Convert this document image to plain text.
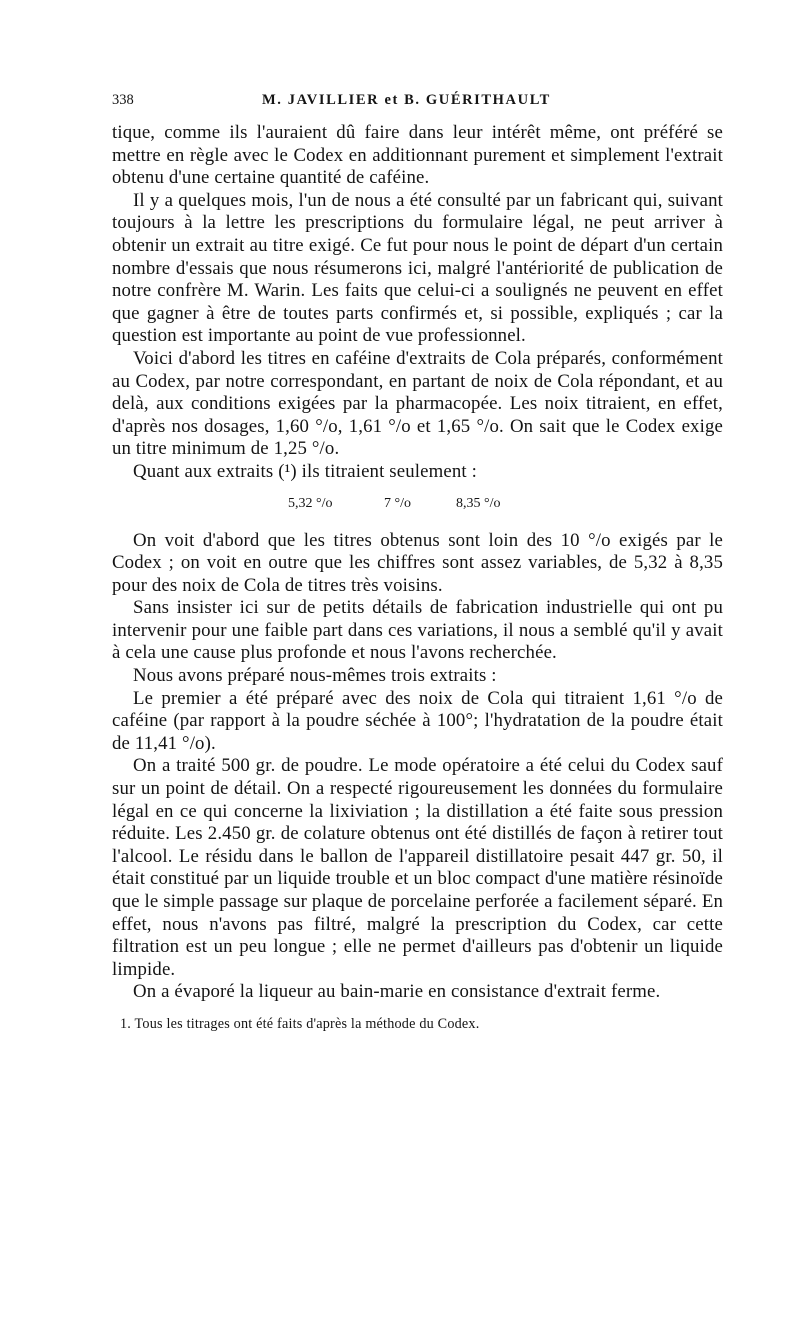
338	M. JAVILLIER et B. GUÉRITHAULT

tique, comme ils l'auraient dû faire dans leur intérêt même, ont préféré se mettre en règle avec le Codex en additionnant purement et simplement l'extrait obtenu d'une certaine quantité de caféine.

Il y a quelques mois, l'un de nous a été consulté par un fabricant qui, suivant toujours à la lettre les prescriptions du formulaire légal, ne peut arriver à obtenir un extrait au titre exigé. Ce fut pour nous le point de départ d'un certain nombre d'essais que nous résumerons ici, malgré l'antériorité de publication de notre confrère M. Warin. Les faits que celui-ci a soulignés ne peuvent en effet que gagner à être de toutes parts confirmés et, si possible, expliqués ; car la question est importante au point de vue professionnel.

Voici d'abord les titres en caféine d'extraits de Cola préparés, conformément au Codex, par notre correspondant, en partant de noix de Cola répondant, et au delà, aux conditions exigées par la pharmacopée. Les noix titraient, en effet, d'après nos dosages, 1,60 °/o, 1,61 °/o et 1,65 °/o. On sait que le Codex exige un titre minimum de 1,25 °/o.

Quant aux extraits (¹) ils titraient seulement :

5,32 °/o	7 °/o	8,35 °/o

On voit d'abord que les titres obtenus sont loin des 10 °/o exigés par le Codex ; on voit en outre que les chiffres sont assez variables, de 5,32 à 8,35 pour des noix de Cola de titres très voisins.

Sans insister ici sur de petits détails de fabrication industrielle qui ont pu intervenir pour une faible part dans ces variations, il nous a semblé qu'il y avait à cela une cause plus profonde et nous l'avons recherchée.

Nous avons préparé nous-mêmes trois extraits :

Le premier a été préparé avec des noix de Cola qui titraient 1,61 °/o de caféine (par rapport à la poudre séchée à 100°; l'hydratation de la poudre était de 11,41 °/o).

On a traité 500 gr. de poudre. Le mode opératoire a été celui du Codex sauf sur un point de détail. On a respecté rigoureusement les données du formulaire légal en ce qui concerne la lixiviation ; la distillation a été faite sous pression réduite. Les 2.450 gr. de colature obtenus ont été distillés de façon à retirer tout l'alcool. Le résidu dans le ballon de l'appareil distillatoire pesait 447 gr. 50, il était constitué par un liquide trouble et un bloc compact d'une matière résinoïde que le simple passage sur plaque de porcelaine perforée a facilement séparé. En effet, nous n'avons pas filtré, malgré la prescription du Codex, car cette filtration est un peu longue ; elle ne permet d'ailleurs pas d'obtenir un liquide limpide.

On a évaporé la liqueur au bain-marie en consistance d'extrait ferme.

1. Tous les titrages ont été faits d'après la méthode du Codex.
